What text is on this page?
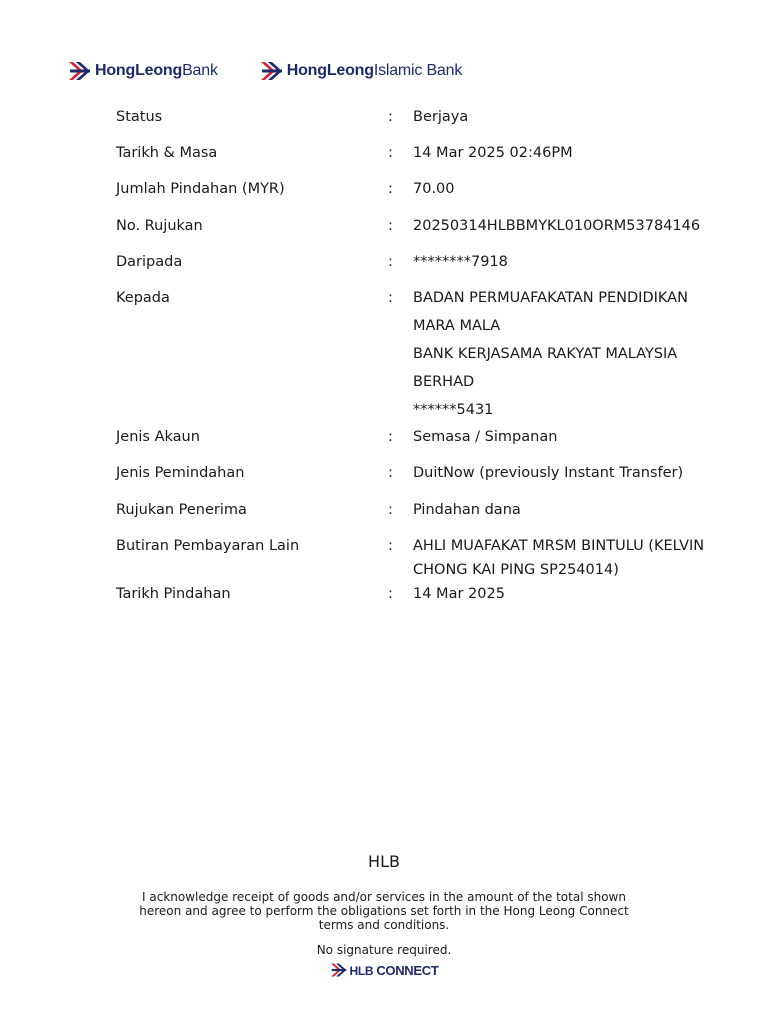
HongLeongBank	HongLeongIslamic Bank
Status	:	Berjaya
Tarikh & Masa	:	14 Mar 2025 02:46PM
Jumlah Pindahan (MYR)	:	70.00
No. Rujukan	:	20250314HLBBMYKL010ORM53784146
Daripada	:	********7918
Kepada	:	BADAN PERMUAFAKATAN PENDIDIKAN
MARA MALA
BANK KERJASAMA RAKYAT MALAYSIA
BERHAD
******5431
Jenis Akaun	:	Semasa / Simpanan
Jenis Pemindahan	:	DuitNow (previously Instant Transfer)
Rujukan Penerima	:	Pindahan dana
Butiran Pembayaran Lain	:	AHLI MUAFAKAT MRSM BINTULU (KELVIN
CHONG KAI PING SP254014)
Tarikh Pindahan	:	14 Mar 2025
HLB
I acknowledge receipt of goods and/or services in the amount of the total shown hereon and agree to perform the obligations set forth in the Hong Leong Connect terms and conditions.
No signature required.
HLB CONNECT
